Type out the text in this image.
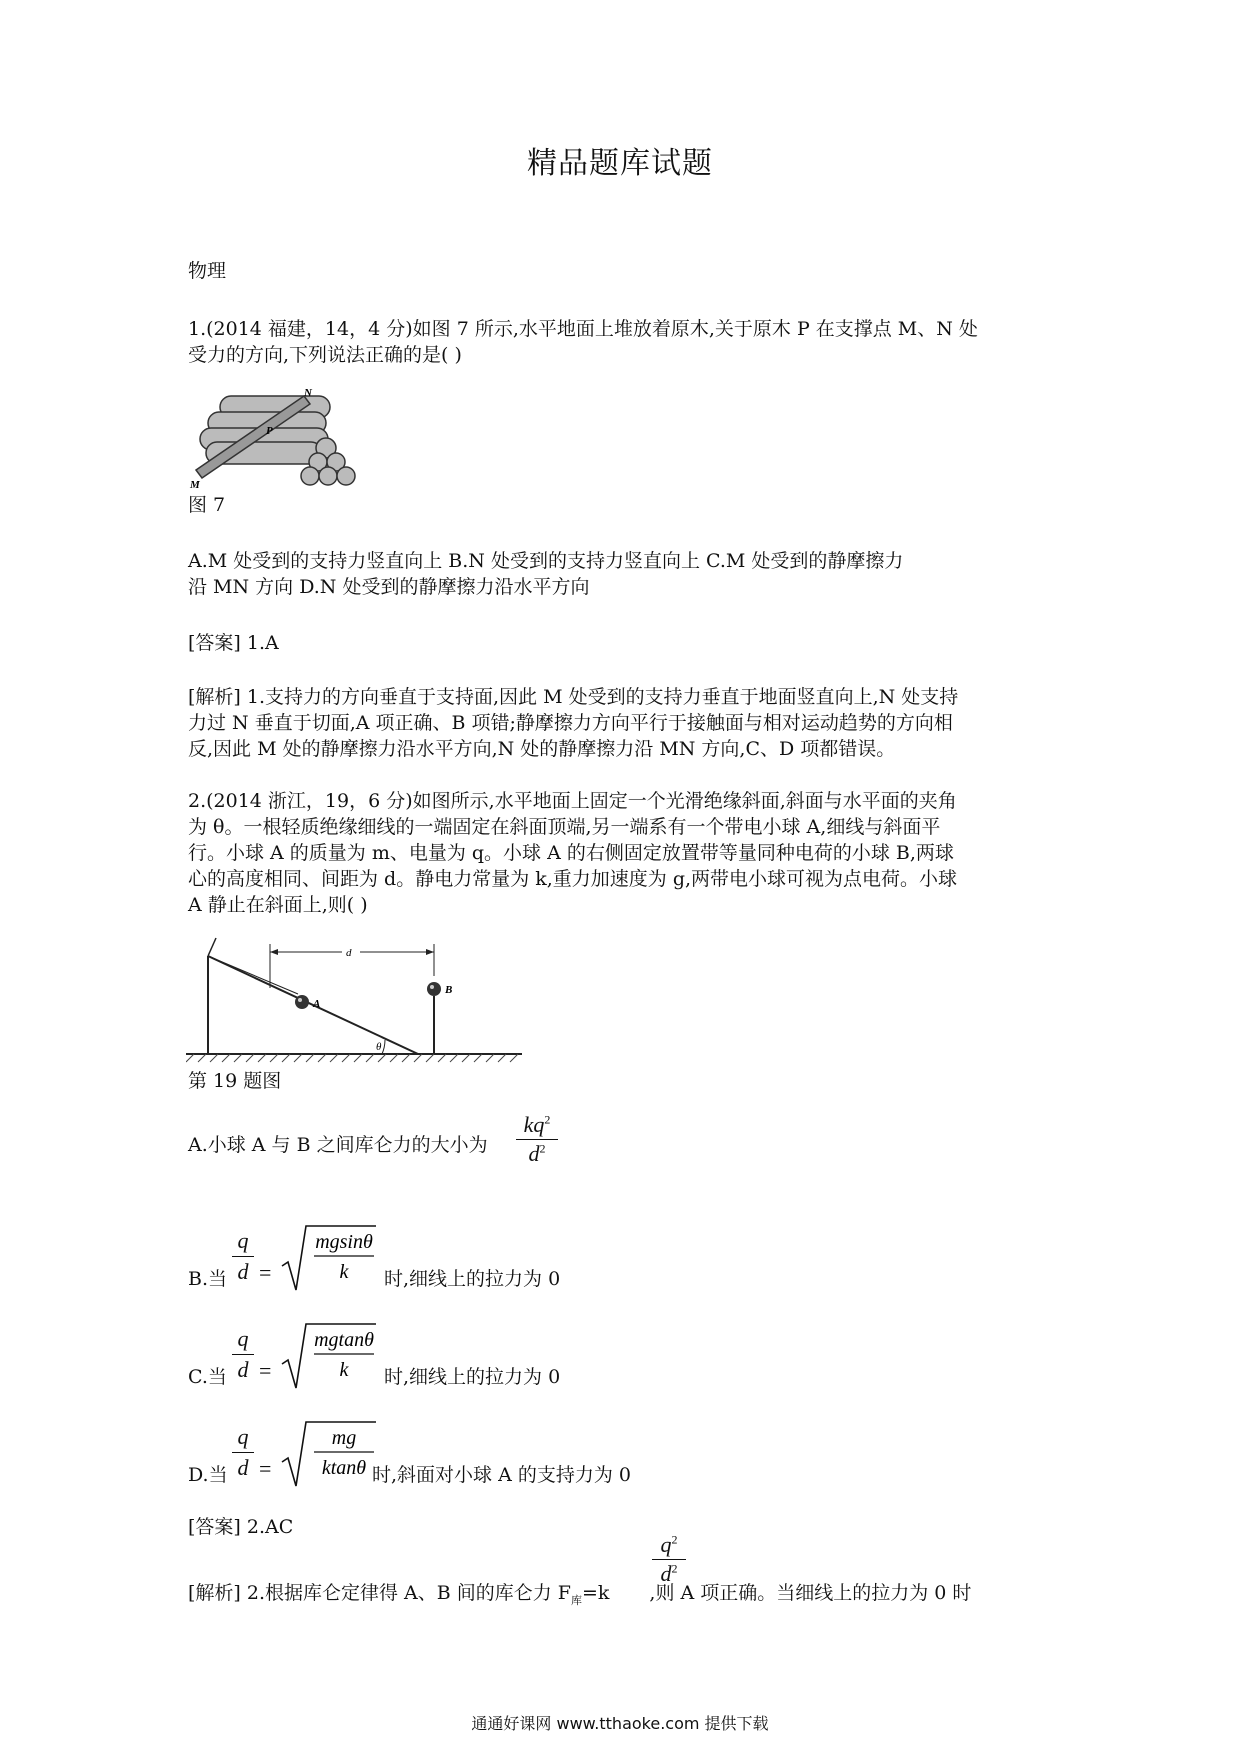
精品题库试题
物理
1.(2014 福建，14，4 分)如图 7 所示,水平地面上堆放着原木,关于原木 P 在支撑点 M、N 处
受力的方向,下列说法正确的是( )
N
P
M
图 7
A.M 处受到的支持力竖直向上 B.N 处受到的支持力竖直向上 C.M 处受到的静摩擦力
沿 MN 方向 D.N 处受到的静摩擦力沿水平方向
[答案] 1.A
[解析] 1.支持力的方向垂直于支持面,因此 M 处受到的支持力垂直于地面竖直向上,N 处支持
力过 N 垂直于切面,A 项正确、B 项错;静摩擦力方向平行于接触面与相对运动趋势的方向相
反,因此 M 处的静摩擦力沿水平方向,N 处的静摩擦力沿 MN 方向,C、D 项都错误。
2.(2014 浙江，19，6 分)如图所示,水平地面上固定一个光滑绝缘斜面,斜面与水平面的夹角
为 θ。一根轻质绝缘细线的一端固定在斜面顶端,另一端系有一个带电小球 A,细线与斜面平
行。小球 A 的质量为 m、电量为 q。小球 A 的右侧固定放置带等量同种电荷的小球 B,两球
心的高度相同、间距为 d。静电力常量为 k,重力加速度为 g,两带电小球可视为点电荷。小球
A 静止在斜面上,则( )
θ
A
B
d
第 19 题图
A.小球 A 与 B 之间库仑力的大小为
$kq^2$
$d^2$
B.当
q
d =
mgsinθ
k 时,细线上的拉力为 0
C.当
q
d =
mgtanθ
k 时,细线上的拉力为 0
D.当
q
d =
mg
ktanθ 时,斜面对小球 A 的支持力为 0
[答案] 2.AC
[解析] 2.根据库仑定律得 A、B 间的库仑力 $F_库=k$ ,则 A 项正确。当细线上的拉力为 0 时
$q^2$
$d^2$
通通好课网 www.tthaoke.com 提供下载
